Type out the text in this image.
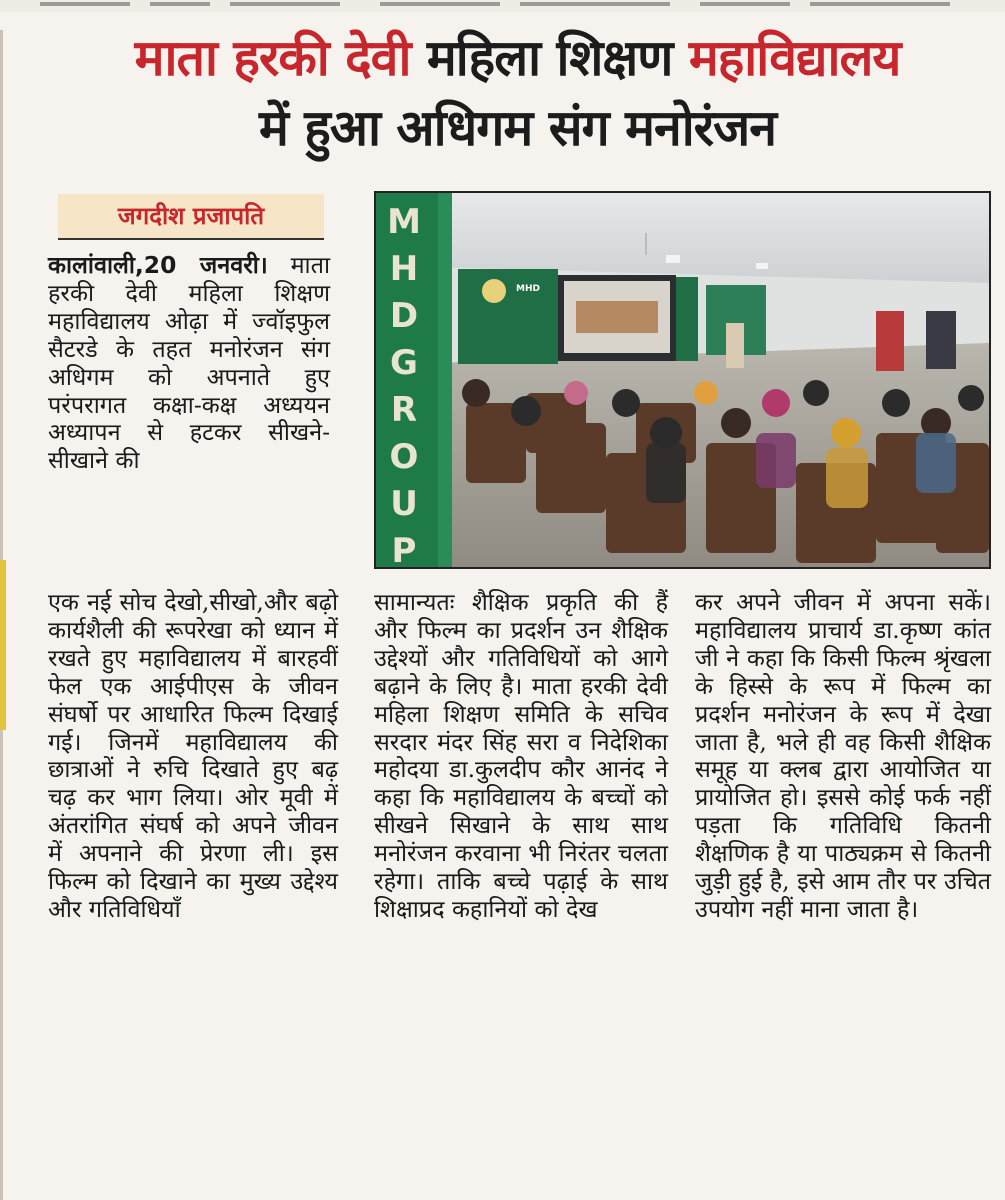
माता हरकी देवी महिला शिक्षण महाविद्यालय
में हुआ अधिगम संग मनोरंजन
जगदीश प्रजापति	M
H
D
G
R
O
U
P
MHD

कालांवाली,20 जनवरी। माता हरकी देवी महिला शिक्षण महाविद्यालय ओढ़ा में ज्वॉइफुल सैटरडे के तहत मनोरंजन संग अधिगम को अपनाते हुए परंपरागत कक्षा-कक्ष अध्ययन अध्यापन से हटकर सीखने-सीखाने की

एक नई सोच देखो,सीखो,और बढ़ो कार्यशैली की रूपरेखा को ध्यान में रखते हुए महाविद्यालय में बारहवीं फेल एक आईपीएस के जीवन संघर्षो पर आधारित फिल्म दिखाई गई। जिनमें महाविद्यालय की छात्राओं ने रुचि दिखाते हुए बढ़ चढ़ कर भाग लिया। ओर मूवी में अंतरांगित संघर्ष को अपने जीवन में अपनाने की प्रेरणा ली। इस फिल्म को दिखाने का मुख्य उद्देश्य और गतिविधियाँ

सामान्यतः शैक्षिक प्रकृति की हैं और फिल्म का प्रदर्शन उन शैक्षिक उद्देश्यों और गतिविधियों को आगे बढ़ाने के लिए है। माता हरकी देवी महिला शिक्षण समिति के सचिव सरदार मंदर सिंह सरा व निदेशिका महोदया डा.कुलदीप कौर आनंद ने कहा कि महाविद्यालय के बच्चों को सीखने सिखाने के साथ साथ मनोरंजन करवाना भी निरंतर चलता रहेगा। ताकि बच्चे पढ़ाई के साथ शिक्षाप्रद कहानियों को देख

कर अपने जीवन में अपना सकें। महाविद्यालय प्राचार्य डा.कृष्ण कांत जी ने कहा कि किसी फिल्म श्रृंखला के हिस्से के रूप में फिल्म का प्रदर्शन मनोरंजन के रूप में देखा जाता है, भले ही वह किसी शैक्षिक समूह या क्लब द्वारा आयोजित या प्रायोजित हो। इससे कोई फर्क नहीं पड़ता कि गतिविधि कितनी शैक्षणिक है या पाठ्यक्रम से कितनी जुड़ी हुई है, इसे आम तौर पर उचित उपयोग नहीं माना जाता है।
